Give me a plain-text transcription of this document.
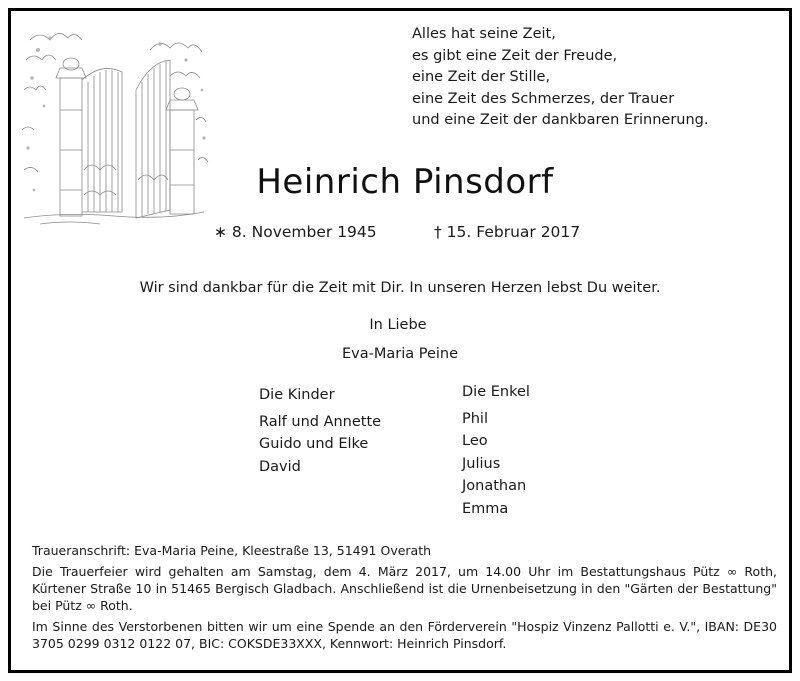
Alles hat seine Zeit,
es gibt eine Zeit der Freude,
eine Zeit der Stille,
eine Zeit des Schmerzes, der Trauer
und eine Zeit der dankbaren Erinnerung.
Heinrich Pinsdorf
∗ 8. November 1945	† 15. Februar 2017
Wir sind dankbar für die Zeit mit Dir. In unseren Herzen lebst Du weiter.
In Liebe
Eva-Maria Peine
Die Kinder
Ralf und Annette
Guido und Elke
David
Die Enkel
Phil
Leo
Julius
Jonathan
Emma

Traueranschrift: Eva-Maria Peine, Kleestraße 13, 51491 Overath

Die Trauerfeier wird gehalten am Samstag, dem 4. März 2017, um 14.00 Uhr im Bestattungshaus Pütz ∞ Roth, Kürtener Straße 10 in 51465 Bergisch Gladbach. Anschließend ist die Urnenbeisetzung in den "Gärten der Bestattung" bei Pütz ∞ Roth.

Im Sinne des Verstorbenen bitten wir um eine Spende an den Förderverein "Hospiz Vinzenz Pallotti e. V.", IBAN: DE30 3705 0299 0312 0122 07, BIC: COKSDE33XXX, Kennwort: Heinrich Pinsdorf.
